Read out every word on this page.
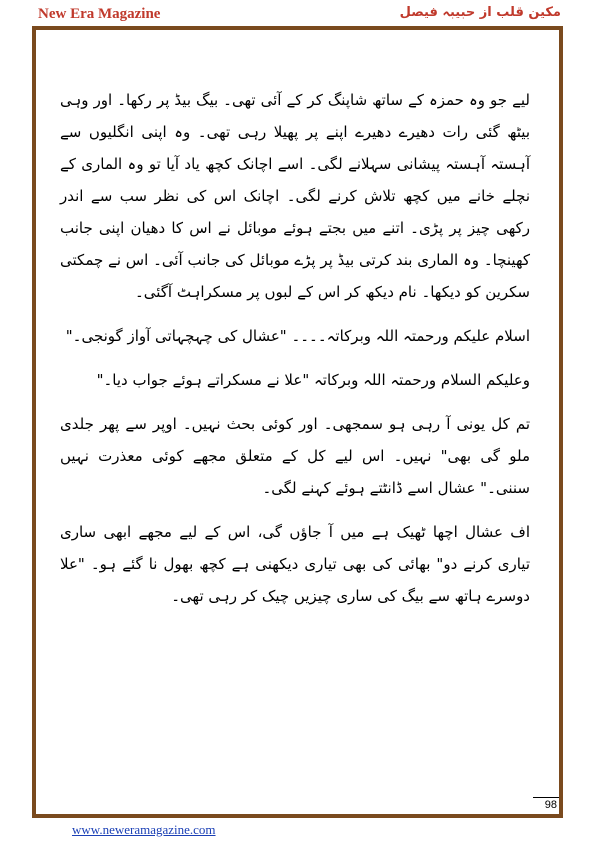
New Era Magazine	مکین قلب از حبیبہ فیصل

لیے جو وہ حمزہ کے ساتھ شاپنگ کر کے آئی تھی۔ بیگ بیڈ پر رکھا۔ اور وہی بیٹھ گئی رات دھیرے دھیرے اپنے پر پھیلا رہی تھی۔ وہ اپنی انگلیوں سے آہستہ آہستہ پیشانی سہلانے لگی۔ اسے اچانک کچھ یاد آیا تو وہ الماری کے نچلے خانے میں کچھ تلاش کرنے لگی۔ اچانک اس کی نظر سب سے اندر رکھی چیز پر پڑی۔ اتنے میں بجتے ہوئے موبائل نے اس کا دھیان اپنی جانب کھینچا۔ وہ الماری بند کرتی بیڈ پر پڑے موبائل کی جانب آئی۔ اس نے چمکتی سکرین کو دیکھا۔ نام دیکھ کر اس کے لبوں پر مسکراہٹ آگئی۔

اسلام علیکم ورحمتہ اللہ وبرکاتہ۔۔۔۔ "عشال کی چہچہاتی آواز گونجی۔"

وعلیکم السلام ورحمتہ اللہ وبرکاتہ "علا نے مسکراتے ہوئے جواب دیا۔"

تم کل یونی آ رہی ہو سمجھی۔ اور کوئی بحث نہیں۔ اوپر سے پھر جلدی ملو گی بھی" نہیں۔ اس لیے کل کے متعلق مجھے کوئی معذرت نہیں سننی۔" عشال اسے ڈانٹتے ہوئے کہنے لگی۔

اف عشال اچھا ٹھیک ہے میں آ جاؤں گی، اس کے لیے مجھے ابھی ساری تیاری کرنے دو" بھائی کی بھی تیاری دیکھنی ہے کچھ بھول نا گئے ہو۔ "علا دوسرے ہاتھ سے بیگ کی ساری چیزیں چیک کر رہی تھی۔

98
www.neweramagazine.com
